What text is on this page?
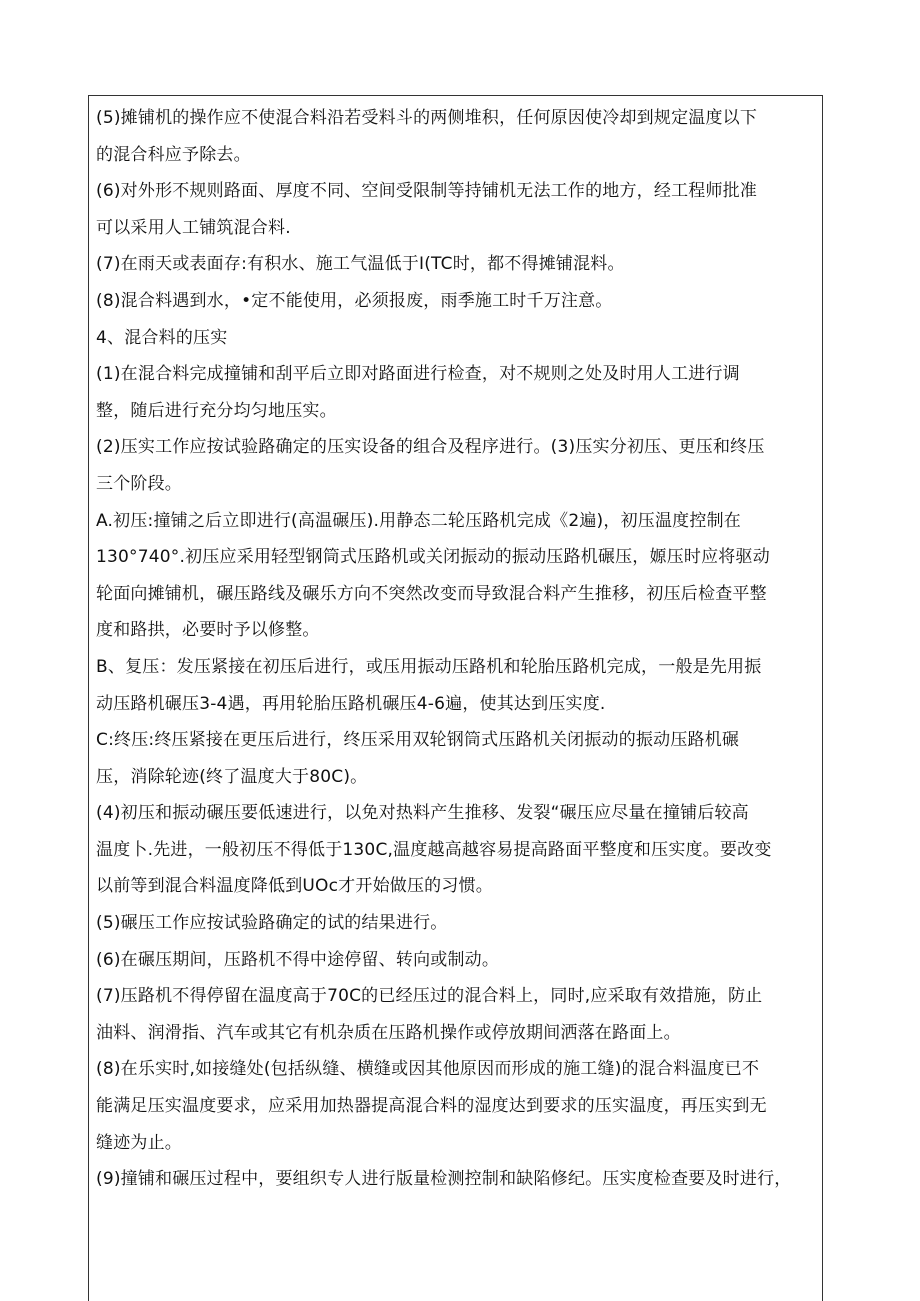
(5)摊铺机的操作应不使混合料沿若受料斗的两侧堆积，任何原因使冷却到规定温度以下
的混合科应予除去。
(6)对外形不规则路面、厚度不同、空间受限制等持铺机无法工作的地方，经工程师批准
可以采用人工铺筑混合料.
(7)在雨天或表面存:有积水、施工气温低于I(TC时，都不得摊铺混料。
(8)混合料遇到水，•定不能使用，必须报废，雨季施工时千万注意。
4、混合料的压实
(1)在混合料完成撞铺和刮平后立即对路面进行检查，对不规则之处及时用人工进行调
整，随后进行充分均匀地压实。
(2)压实工作应按试验路确定的压实设备的组合及程序进行。(3)压实分初压、更压和终压
三个阶段。
A.初压:撞铺之后立即进行(高温碾压).用静态二轮压路机完成《2遍)，初压温度控制在
130°740°.初压应采用轻型钢筒式压路机或关闭振动的振动压路机碾压，嫄压时应将驱动
轮面向摊铺机，碾压路线及碾乐方向不突然改变而导致混合料产生推移，初压后检查平整
度和路拱，必要时予以修整。
B、复压：发压紧接在初压后进行，或压用振动压路机和轮胎压路机完成，一般是先用振
动压路机碾压3-4遇，再用轮胎压路机碾压4-6遍，使其达到压实度.
C:终压:终压紧接在更压后进行，终压采用双轮钢筒式压路机关闭振动的振动压路机碾
压，消除轮迹(终了温度大于80C)。
(4)初压和振动碾压要低速进行，以免对热料产生推移、发裂“碾压应尽量在撞铺后较高
温度卜.先进，一般初压不得低于130C,温度越高越容易提高路面平整度和压实度。要改变
以前等到混合料温度降低到UOc才开始做压的习惯。
(5)碾压工作应按试验路确定的试的结果进行。
(6)在碾压期间，压路机不得中途停留、转向或制动。
(7)压路机不得停留在温度高于70C的已经压过的混合料上，同时,应采取有效措施，防止
油料、润滑指、汽车或其它有机杂质在压路机操作或停放期间洒落在路面上。
(8)在乐实时,如接缝处(包括纵缝、横缝或因其他原因而形成的施工缝)的混合料温度已不
能满足压实温度要求，应采用加热器提高混合料的湿度达到要求的压实温度，再压实到无
缝迹为止。
(9)撞铺和碾压过程中，要组织专人进行版量检测控制和缺陷修纪。压实度检查要及时进行，
